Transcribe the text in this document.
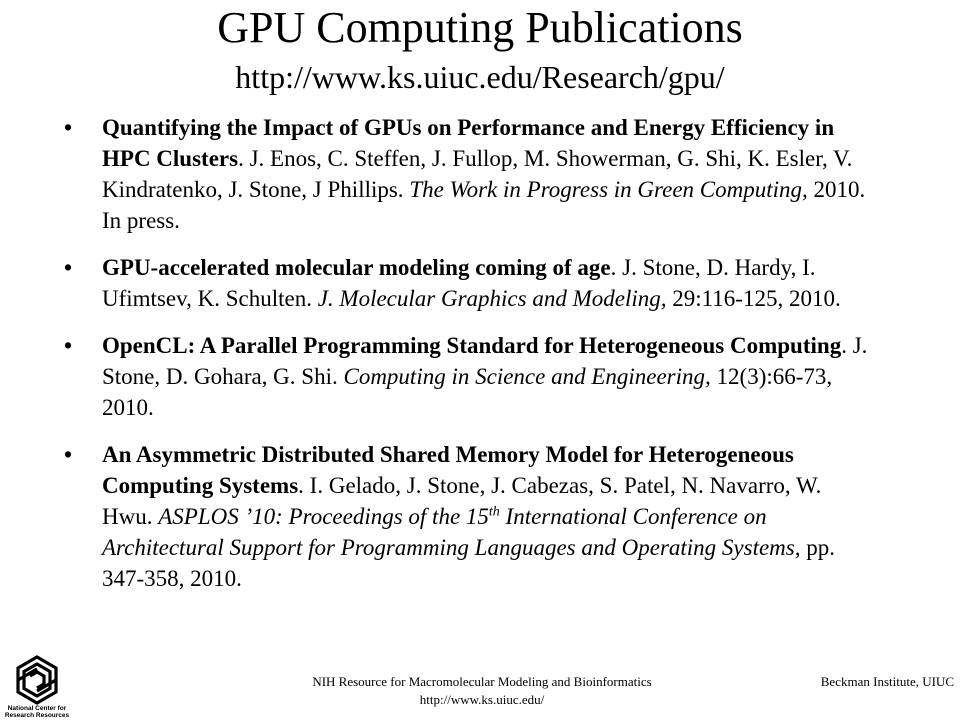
GPU Computing Publications
http://www.ks.uiuc.edu/Research/gpu/
• Quantifying the Impact of GPUs on Performance and Energy Efficiency in HPC Clusters. J. Enos, C. Steffen, J. Fullop, M. Showerman, G. Shi, K. Esler, V. Kindratenko, J. Stone, J Phillips. The Work in Progress in Green Computing, 2010. In press.
• GPU-accelerated molecular modeling coming of age. J. Stone, D. Hardy, I. Ufimtsev, K. Schulten. J. Molecular Graphics and Modeling, 29:116-125, 2010.
• OpenCL: A Parallel Programming Standard for Heterogeneous Computing. J. Stone, D. Gohara, G. Shi. Computing in Science and Engineering, 12(3):66-73, 2010.
• An Asymmetric Distributed Shared Memory Model for Heterogeneous Computing Systems. I. Gelado, J. Stone, J. Cabezas, S. Patel, N. Navarro, W. Hwu. ASPLOS ’10: Proceedings of the 15th International Conference on Architectural Support for Programming Languages and Operating Systems, pp. 347-358, 2010.
National Center for
Research Resources
NIH Resource for Macromolecular Modeling and Bioinformatics
http://www.ks.uiuc.edu/
Beckman Institute, UIUC
